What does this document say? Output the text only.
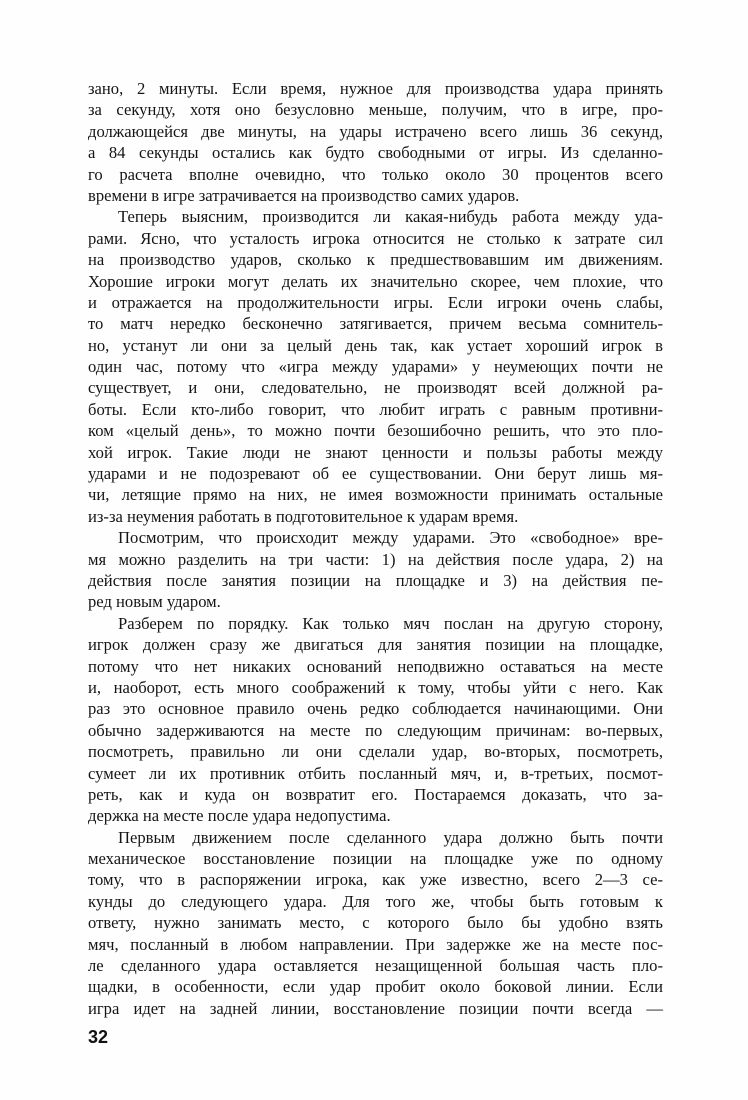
зано, 2 минуты. Если время, нужное для производства удара принять
за секунду, хотя оно безусловно меньше, получим, что в игре, про-
должающейся две минуты, на удары истрачено всего лишь 36 секунд,
а 84 секунды остались как будто свободными от игры. Из сделанно-
го расчета вполне очевидно, что только около 30 процентов всего
времени в игре затрачивается на производство самих ударов.
Теперь выясним, производится ли какая-нибудь работа между уда-
рами. Ясно, что усталость игрока относится не столько к затрате сил
на производство ударов, сколько к предшествовавшим им движениям.
Хорошие игроки могут делать их значительно скорее, чем плохие, что
и отражается на продолжительности игры. Если игроки очень слабы,
то матч нередко бесконечно затягивается, причем весьма сомнитель-
но, устанут ли они за целый день так, как устает хороший игрок в
один час, потому что «игра между ударами» у неумеющих почти не
существует, и они, следовательно, не производят всей должной ра-
боты. Если кто-либо говорит, что любит играть с равным противни-
ком «целый день», то можно почти безошибочно решить, что это пло-
хой игрок. Такие люди не знают ценности и пользы работы между
ударами и не подозревают об ее существовании. Они берут лишь мя-
чи, летящие прямо на них, не имея возможности принимать остальные
из-за неумения работать в подготовительное к ударам время.
Посмотрим, что происходит между ударами. Это «свободное» вре-
мя можно разделить на три части: 1) на действия после удара, 2) на
действия после занятия позиции на площадке и 3) на действия пе-
ред новым ударом.
Разберем по порядку. Как только мяч послан на другую сторону,
игрок должен сразу же двигаться для занятия позиции на площадке,
потому что нет никаких оснований неподвижно оставаться на месте
и, наоборот, есть много соображений к тому, чтобы уйти с него. Как
раз это основное правило очень редко соблюдается начинающими. Они
обычно задерживаются на месте по следующим причинам: во-первых,
посмотреть, правильно ли они сделали удар, во-вторых, посмотреть,
сумеет ли их противник отбить посланный мяч, и, в-третьих, посмот-
реть, как и куда он возвратит его. Постараемся доказать, что за-
держка на месте после удара недопустима.
Первым движением после сделанного удара должно быть почти
механическое восстановление позиции на площадке уже по одному
тому, что в распоряжении игрока, как уже известно, всего 2—3 се-
кунды до следующего удара. Для того же, чтобы быть готовым к
ответу, нужно занимать место, с которого было бы удобно взять
мяч, посланный в любом направлении. При задержке же на месте пос-
ле сделанного удара оставляется незащищенной большая часть пло-
щадки, в особенности, если удар пробит около боковой линии. Если
игра идет на задней линии, восстановление позиции почти всегда —
32
